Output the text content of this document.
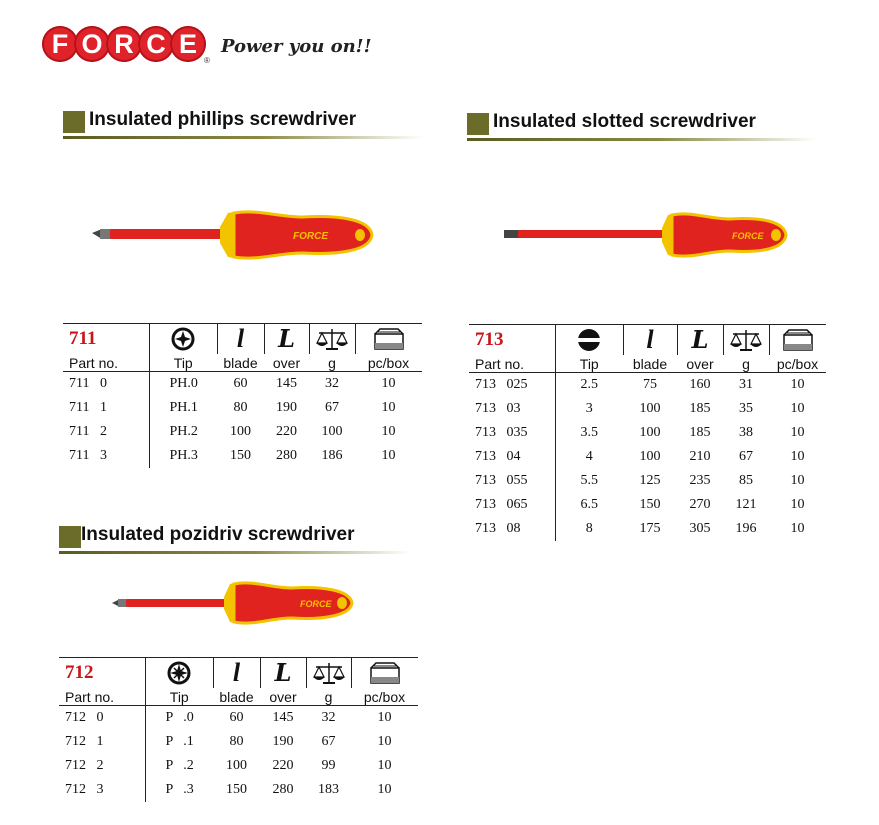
F O R C E
®
Power you on!!
Insulated phillips screwdriver
FORCE
711		l	L	

Part no.	Tip	blade	over	g	pc/box
711   0	PH.0	60	145	32	10
711   1	PH.1	80	190	67	10
711   2	PH.2	100	220	100	10
711   3	PH.3	150	280	186	10
Insulated slotted screwdriver
FORCE
713		l	L	

Part no.	Tip	blade	over	g	pc/box
713   025	2.5	75	160	31	10
713   03	3	100	185	35	10
713   035	3.5	100	185	38	10
713   04	4	100	210	67	10
713   055	5.5	125	235	85	10
713   065	6.5	150	270	121	10
713   08	8	175	305	196	10
Insulated pozidriv screwdriver
FORCE
712		l	L	

Part no.	Tip	blade	over	g	pc/box
712   0	P   .0	60	145	32	10
712   1	P   .1	80	190	67	10
712   2	P   .2	100	220	99	10
712   3	P   .3	150	280	183	10
